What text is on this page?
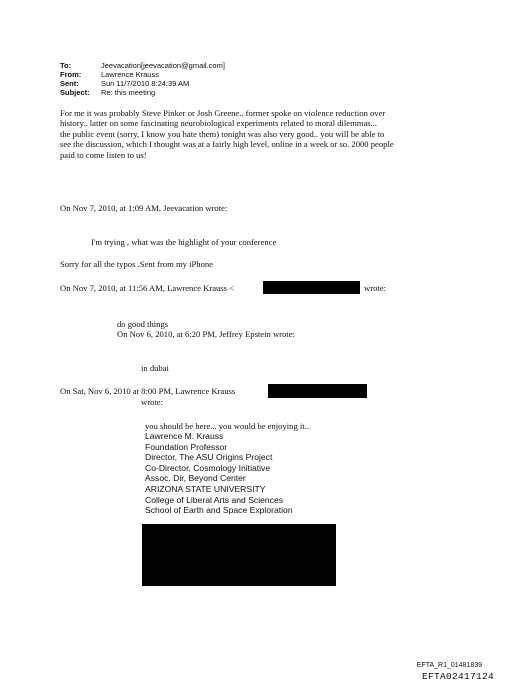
To:	Jeevacation[jeevacation@gmail.com]
From:	Lawrence Krauss
Sent:	Sun 11/7/2010 8:24:39 AM
Subject: Re: this meeting
For me it was probably Steve Pinker or Josh Greene.. former spoke on violence reduction over
history.. latter on some fascinating neurobiological experiments related to moral dilemmas...
the public event (sorry, I know you hate them) tonight was also very good.. you will be able to
see the discussion, which I thought was at a fairly high level, online in a week or so. 2000 people
paid to come listen to us!
On Nov 7, 2010, at 1:09 AM, Jeevacation wrote:
I'm trying , what was the highlight of your conference
Sorry for all the typos .Sent from my iPhone
On Nov 7, 2010, at 11:56 AM, Lawrence Krauss <	wrote:
do good things
On Nov 6, 2010, at 6:20 PM, Jeffrey Epstein wrote:
in dubai
On Sat, Nov 6, 2010 at 8:00 PM, Lawrence Krauss
wrote:
you should be here... you would be enjoying it..
Lawrence M. Krauss
Foundation Professor
Director, The ASU Origins Project
Co-Director, Cosmology Initiative
Assoc. Dir, Beyond Center
ARIZONA STATE UNIVERSITY
College of Liberal Arts and Sciences
School of Earth and Space Exploration
EFTA_R1_01481839
EFTA02417124
